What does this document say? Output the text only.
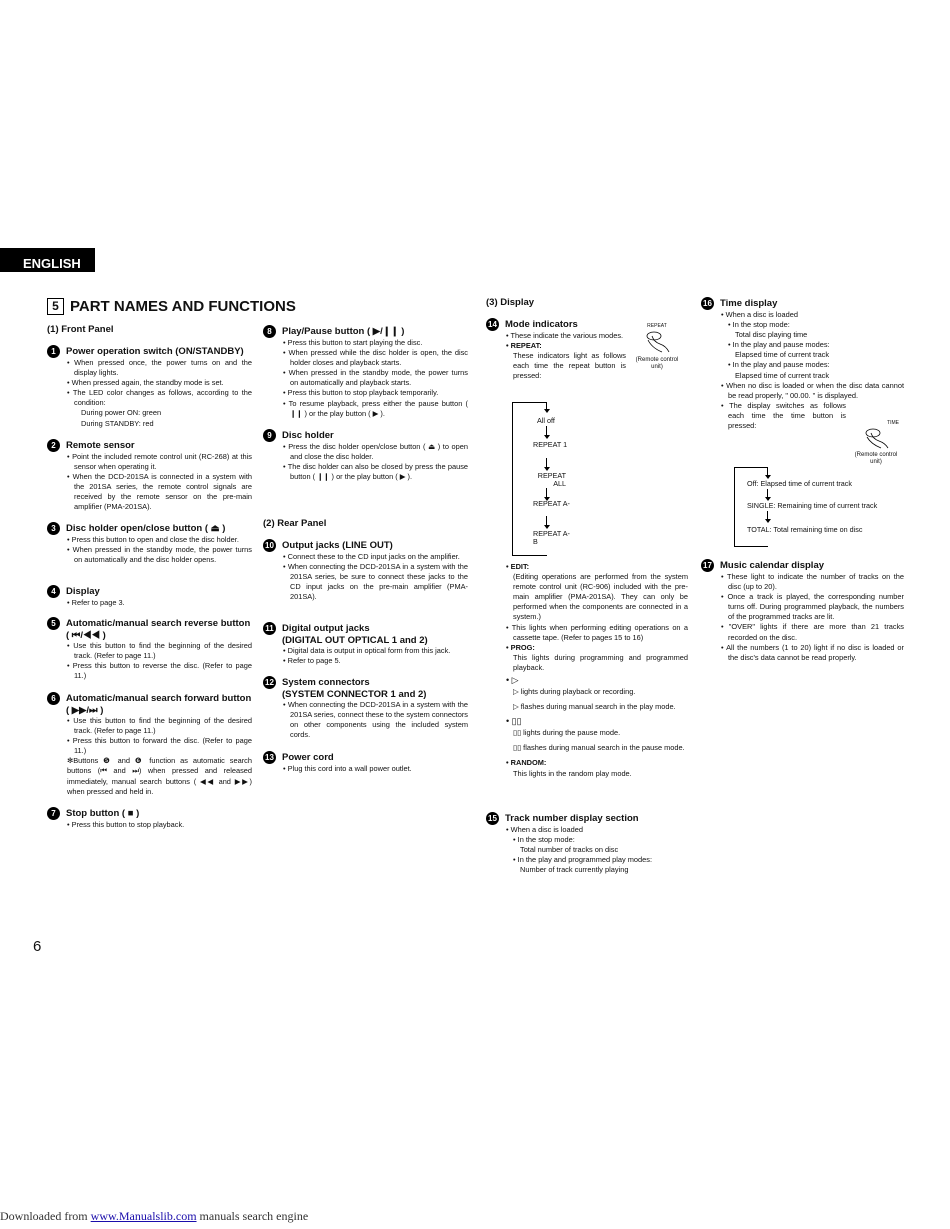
ENGLISH
5 PART NAMES AND FUNCTIONS
(1) Front Panel
1	Power operation switch (ON/STANDBY)
• When pressed once, the power turns on and the display lights.
• When pressed again, the standby mode is set.
• The LED color changes as follows, according to the condition:
During power ON: green
During STANDBY: red
2	Remote sensor
• Point the included remote control unit (RC-268) at this sensor when operating it.
• When the DCD-201SA is connected in a system with the 201SA series, the remote control signals are received by the remote sensor on the pre-main amplifier (PMA-201SA).
3	Disc holder open/close button ( ⏏ )
• Press this button to open and close the disc holder.
• When pressed in the standby mode, the power turns on automatically and the disc holder opens.
4	Display
• Refer to page 3.
5	Automatic/manual search reverse button ( ⏮/◀◀ )
• Use this button to find the beginning of the desired track. (Refer to page 11.)
• Press this button to reverse the disc. (Refer to page 11.)
6	Automatic/manual search forward button ( ▶▶/⏭ )
• Use this button to find the beginning of the desired track. (Refer to page 11.)
• Press this button to forward the disc. (Refer to page 11.)
✻Buttons ❺ and ❻ function as automatic search buttons (⏮ and ⏭) when pressed and released immediately, manual search buttons ( ◀◀ and ▶▶) when pressed and held in.
7	Stop button ( ■ )
• Press this button to stop playback.
8	Play/Pause button ( ▶/❙❙ )
• Press this button to start playing the disc.
• When pressed while the disc holder is open, the disc holder closes and playback starts.
• When pressed in the standby mode, the power turns on automatically and playback starts.
• Press this button to stop playback temporarily.
• To resume playback, press either the pause button ( ❙❙ ) or the play button ( ▶ ).
9	Disc holder
• Press the disc holder open/close button ( ⏏ ) to open and close the disc holder.
• The disc holder can also be closed by press the pause button ( ❙❙ ) or the play button ( ▶ ).
(2) Rear Panel
10 Output jacks (LINE OUT)
• Connect these to the CD input jacks on the amplifier.
• When connecting the DCD-201SA in a system with the 201SA series, be sure to connect these jacks to the CD input jacks on the pre-main amplifier (PMA-201SA).
11 Digital output jacks
(DIGITAL OUT OPTICAL 1 and 2)
• Digital data is output in optical form from this jack.
• Refer to page 5.
12 System connectors
(SYSTEM CONNECTOR 1 and 2)
• When connecting the DCD-201SA in a system with the 201SA series, connect these to the system connectors on other components using the included system cords.
13 Power cord
• Plug this cord into a wall power outlet.
(3) Display
14 Mode indicators
• These indicate the various modes.
• REPEAT:
These indicators light as follows each time the repeat button is pressed:
REPEAT
(Remote control unit)
All off
REPEAT 1
REPEAT ALL
REPEAT A-
REPEAT A-B
• EDIT:
(Editing operations are performed from the system remote control unit (RC-906) included with the pre-main amplifier (PMA-201SA). They can only be performed when the components are connected in a system.)
• This lights when performing editing operations on a cassette tape. (Refer to pages 15 to 16)
• PROG:
This lights during programming and programmed playback.
• ▷
▷ lights during playback or recording.
▷ flashes during manual search in the play mode.
• ▯▯
▯▯ lights during the pause mode.
▯▯ flashes during manual search in the pause mode.
• RANDOM:
This lights in the random play mode.
15 Track number display section
• When a disc is loaded
• In the stop mode:
Total number of tracks on disc
• In the play and programmed play modes:
Number of track currently playing
16 Time display
• When a disc is loaded
• In the stop mode:
Total disc playing time
• In the play and pause modes:
Elapsed time of current track
• In the play and pause modes:
Elapsed time of current track
• When no disc is loaded or when the disc data cannot be read properly, " 00.00. " is displayed.
• The display switches as follows each time the time button is pressed:	TIME
(Remote control unit)
Off: Elapsed time of current track
SINGLE: Remaining time of current track
TOTAL: Total remaining time on disc
17 Music calendar display
• These light to indicate the number of tracks on the disc (up to 20).
• Once a track is played, the corresponding number turns off. During programmed playback, the numbers of the programmed tracks are lit.
• "OVER" lights if there are more than 21 tracks recorded on the disc.
• All the numbers (1 to 20) light if no disc is loaded or the disc's data cannot be read properly.
6
Downloaded from www.Manualslib.com manuals search engine
